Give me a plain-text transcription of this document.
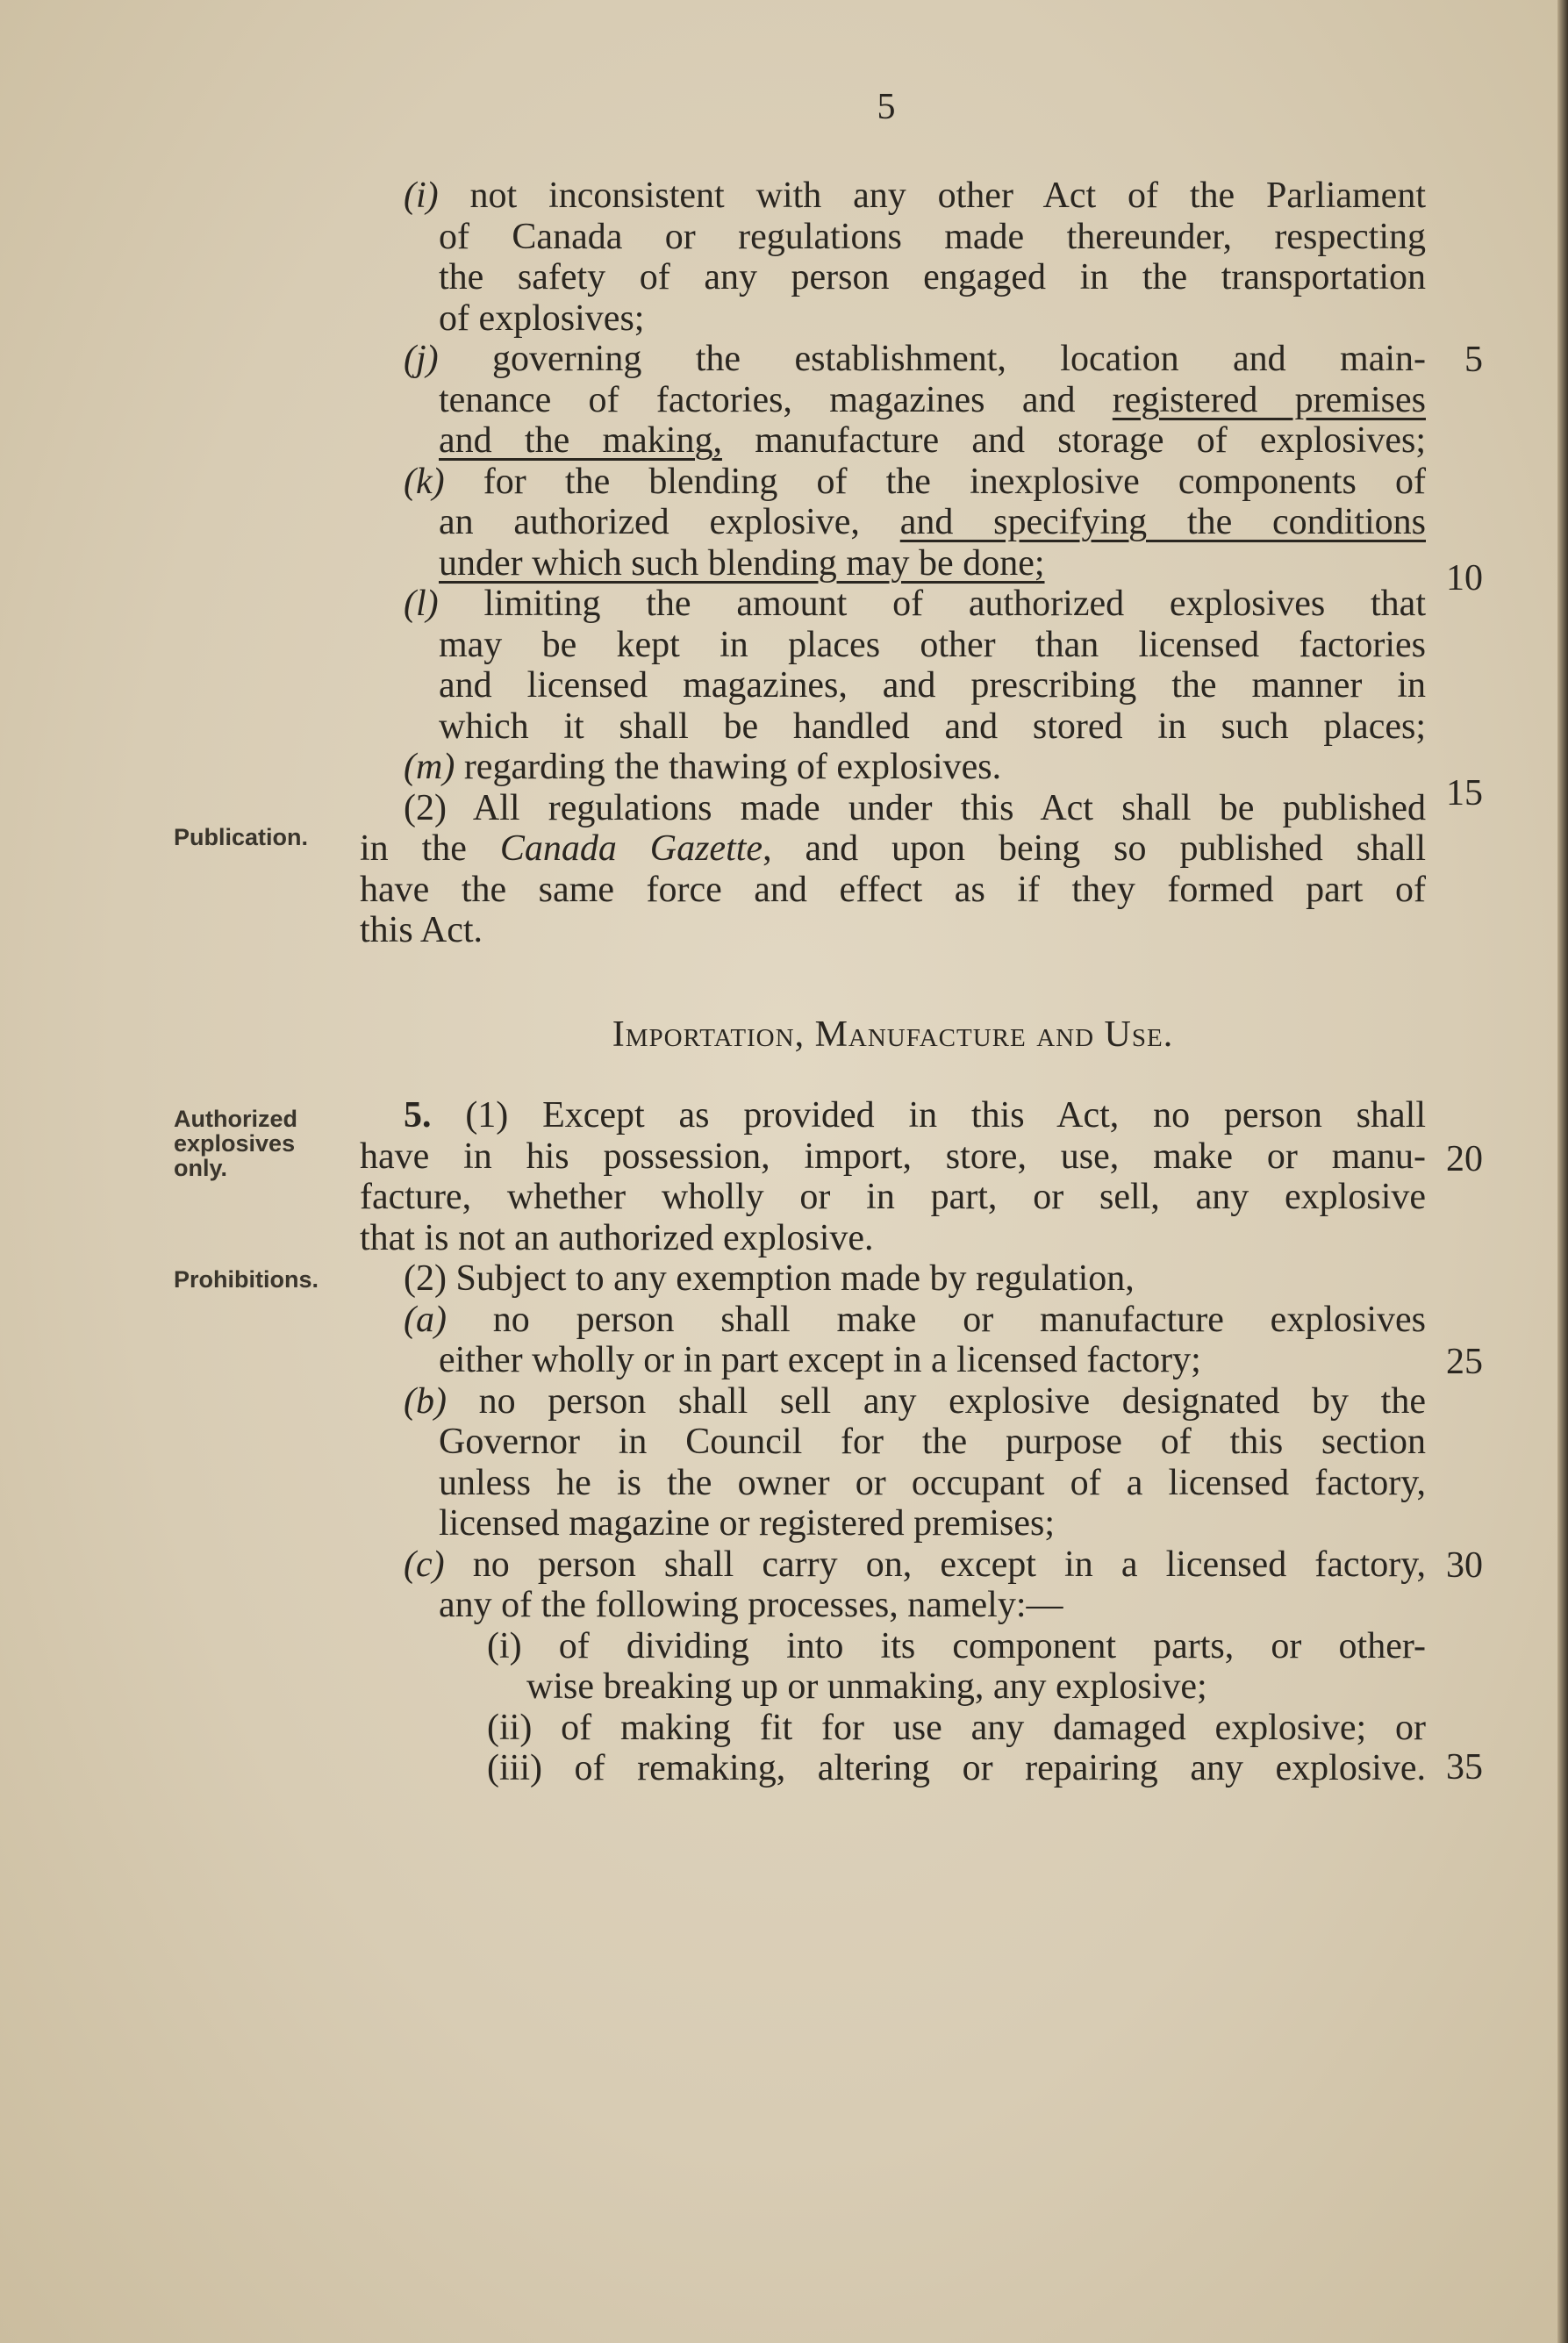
5
(i) not inconsistent with any other Act of the Parliament
of Canada or regulations made thereunder, respecting
the safety of any person engaged in the transportation
of explosives;
(j) governing the establishment, location and main-
tenance of factories, magazines and registered premises
and the making, manufacture and storage of explosives;
(k) for the blending of the inexplosive components of
an authorized explosive, and specifying the conditions
under which such blending may be done;
(l) limiting the amount of authorized explosives that
may be kept in places other than licensed factories
and licensed magazines, and prescribing the manner in
which it shall be handled and stored in such places;
(m) regarding the thawing of explosives.
(2) All regulations made under this Act shall be published
in the Canada Gazette, and upon being so published shall
have the same force and effect as if they formed part of
this Act.
Importation, Manufacture and Use.
5. (1) Except as provided in this Act, no person shall
have in his possession, import, store, use, make or manu-
facture, whether wholly or in part, or sell, any explosive
that is not an authorized explosive.
(2) Subject to any exemption made by regulation,
(a) no person shall make or manufacture explosives
either wholly or in part except in a licensed factory;
(b) no person shall sell any explosive designated by the
Governor in Council for the purpose of this section
unless he is the owner or occupant of a licensed factory,
licensed magazine or registered premises;
(c) no person shall carry on, except in a licensed factory,
any of the following processes, namely:—
(i) of dividing into its component parts, or other-
wise breaking up or unmaking, any explosive;
(ii) of making fit for use any damaged explosive; or
(iii) of remaking, altering or repairing any explosive.
5
10
15
20
25
30
35
Publication.
Authorized
explosives
only.
Prohibitions.
